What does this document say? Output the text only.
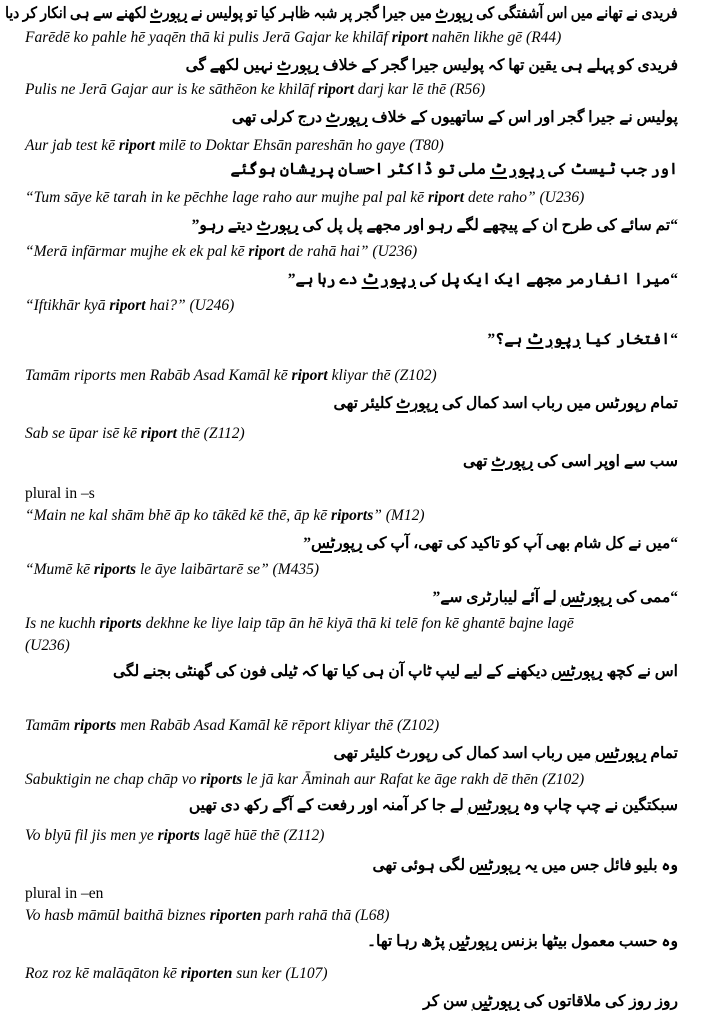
فریدی نے تھانے میں اس آشفتگی کی رپورٹ میں جیرا گجر پر شبہ ظاہر کیا تو پولیس نے رپورٹ لکھنے سے ہی انکار کر دیا
Farēdē ko pahle hē yaqēn thā ki pulis Jerā Gajar ke khilāf riport nahēn likhe gē (R44)
فریدی کو پہلے ہی یقین تھا کہ پولیس جیرا گجر کے خلاف رپورٹ نہیں لکھے گی
Pulis ne Jerā Gajar aur is ke sāthēon ke khilāf riport darj kar lē thē (R56)
پولیس نے جیرا گجر اور اس کے ساتھیوں کے خلاف رپورٹ درج کرلی تھی
Aur jab test kē riport milē to Doktar Ehsān pareshān ho gaye (T80)
اور جب ٹیسٹ کی رپورٹ ملی تو ڈاکٹر احسان پریشان ہوگئے
“Tum sāye kē tarah in ke pēchhe lage raho aur mujhe pal pal kē riport dete raho” (U236)
“تم سائے کی طرح ان کے پیچھے لگے رہو اور مجھے پل پل کی رپورٹ دیتے رہو”
“Merā infārmar mujhe ek ek pal kē riport de rahā hai” (U236)
“میرا انفارمر مجھے ایک ایک پل کی رپورٹ دے رہا ہے”
“Iftikhār kyā riport hai?” (U246)
“افتخار کیا رپورٹ ہے؟”
Tamām riports men Rabāb Asad Kamāl kē riport kliyar thē (Z102)
تمام رپورٹس میں رباب اسد کمال کی رپورٹ کلیئر تھی
Sab se ūpar isē kē riport thē (Z112)
سب سے اوپر اسی کی رپورٹ تھی
plural in –s
“Main ne kal shām bhē āp ko tākēd kē thē, āp kē riports” (M12)
“میں نے کل شام بھی آپ کو تاکید کی تھی، آپ کی رپورٹس”
“Mumē kē riports le āye laibārtarē se” (M435)
“ممی کی رپورٹس لے آئے لیبارٹری سے”
Is ne kuchh riports dekhne ke liye laip tāp ān hē kiyā thā ki telē fon kē ghantē bajne lagē
(U236)
اس نے کچھ رپورٹس دیکھنے کے لیے لیپ ٹاپ آن ہی کیا تھا کہ ٹیلی فون کی گھنٹی بجنے لگی
Tamām riports men Rabāb Asad Kamāl kē rēport kliyar thē (Z102)
تمام رپورٹس میں رباب اسد کمال کی رپورٹ کلیئر تھی
Sabuktigin ne chap chāp vo riports le jā kar Āminah aur Rafat ke āge rakh dē thēn (Z102)
سبکتگین نے چپ چاپ وہ رپورٹس لے جا کر آمنہ اور رفعت کے آگے رکھ دی تھیں
Vo blyū fil jis men ye riports lagē hūē thē (Z112)
وہ بلیو فائل جس میں یہ رپورٹس لگی ہوئی تھی
plural in –en
Vo hasb māmūl baithā biznes riporten parh rahā thā (L68)
وہ حسب معمول بیٹھا بزنس رپورٹیں پڑھ رہا تھا۔
Roz roz kē malāqāton kē riporten sun ker (L107)
روز روز کی ملاقاتوں کی رپورٹیں سن کر
